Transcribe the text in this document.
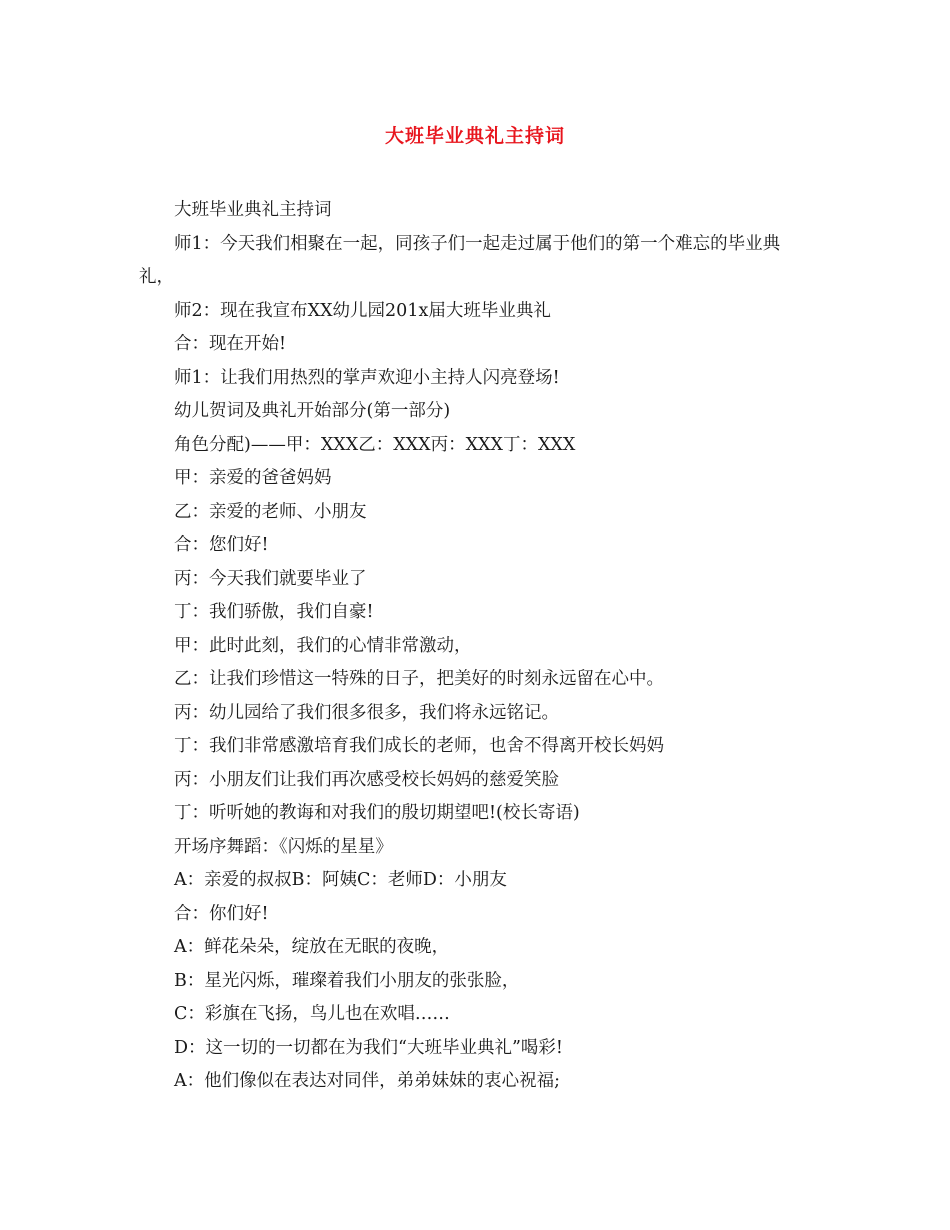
大班毕业典礼主持词

大班毕业典礼主持词

师1：今天我们相聚在一起，同孩子们一起走过属于他们的第一个难忘的毕业典礼，

师2：现在我宣布XX幼儿园201x届大班毕业典礼

合：现在开始!

师1：让我们用热烈的掌声欢迎小主持人闪亮登场!

幼儿贺词及典礼开始部分(第一部分)

角色分配)——甲：XXX乙：XXX丙：XXX丁：XXX

甲：亲爱的爸爸妈妈

乙：亲爱的老师、小朋友

合：您们好!

丙：今天我们就要毕业了

丁：我们骄傲，我们自豪!

甲：此时此刻，我们的心情非常激动，

乙：让我们珍惜这一特殊的日子，把美好的时刻永远留在心中。

丙：幼儿园给了我们很多很多，我们将永远铭记。

丁：我们非常感激培育我们成长的老师，也舍不得离开校长妈妈

丙：小朋友们让我们再次感受校长妈妈的慈爱笑脸

丁：听听她的教诲和对我们的殷切期望吧!(校长寄语)

开场序舞蹈：《闪烁的星星》

A：亲爱的叔叔B：阿姨C：老师D：小朋友

合：你们好!

A：鲜花朵朵，绽放在无眠的夜晚，

B：星光闪烁，璀璨着我们小朋友的张张脸，

C：彩旗在飞扬，鸟儿也在欢唱……

D：这一切的一切都在为我们“大班毕业典礼”喝彩!

A：他们像似在表达对同伴，弟弟妹妹的衷心祝福;
